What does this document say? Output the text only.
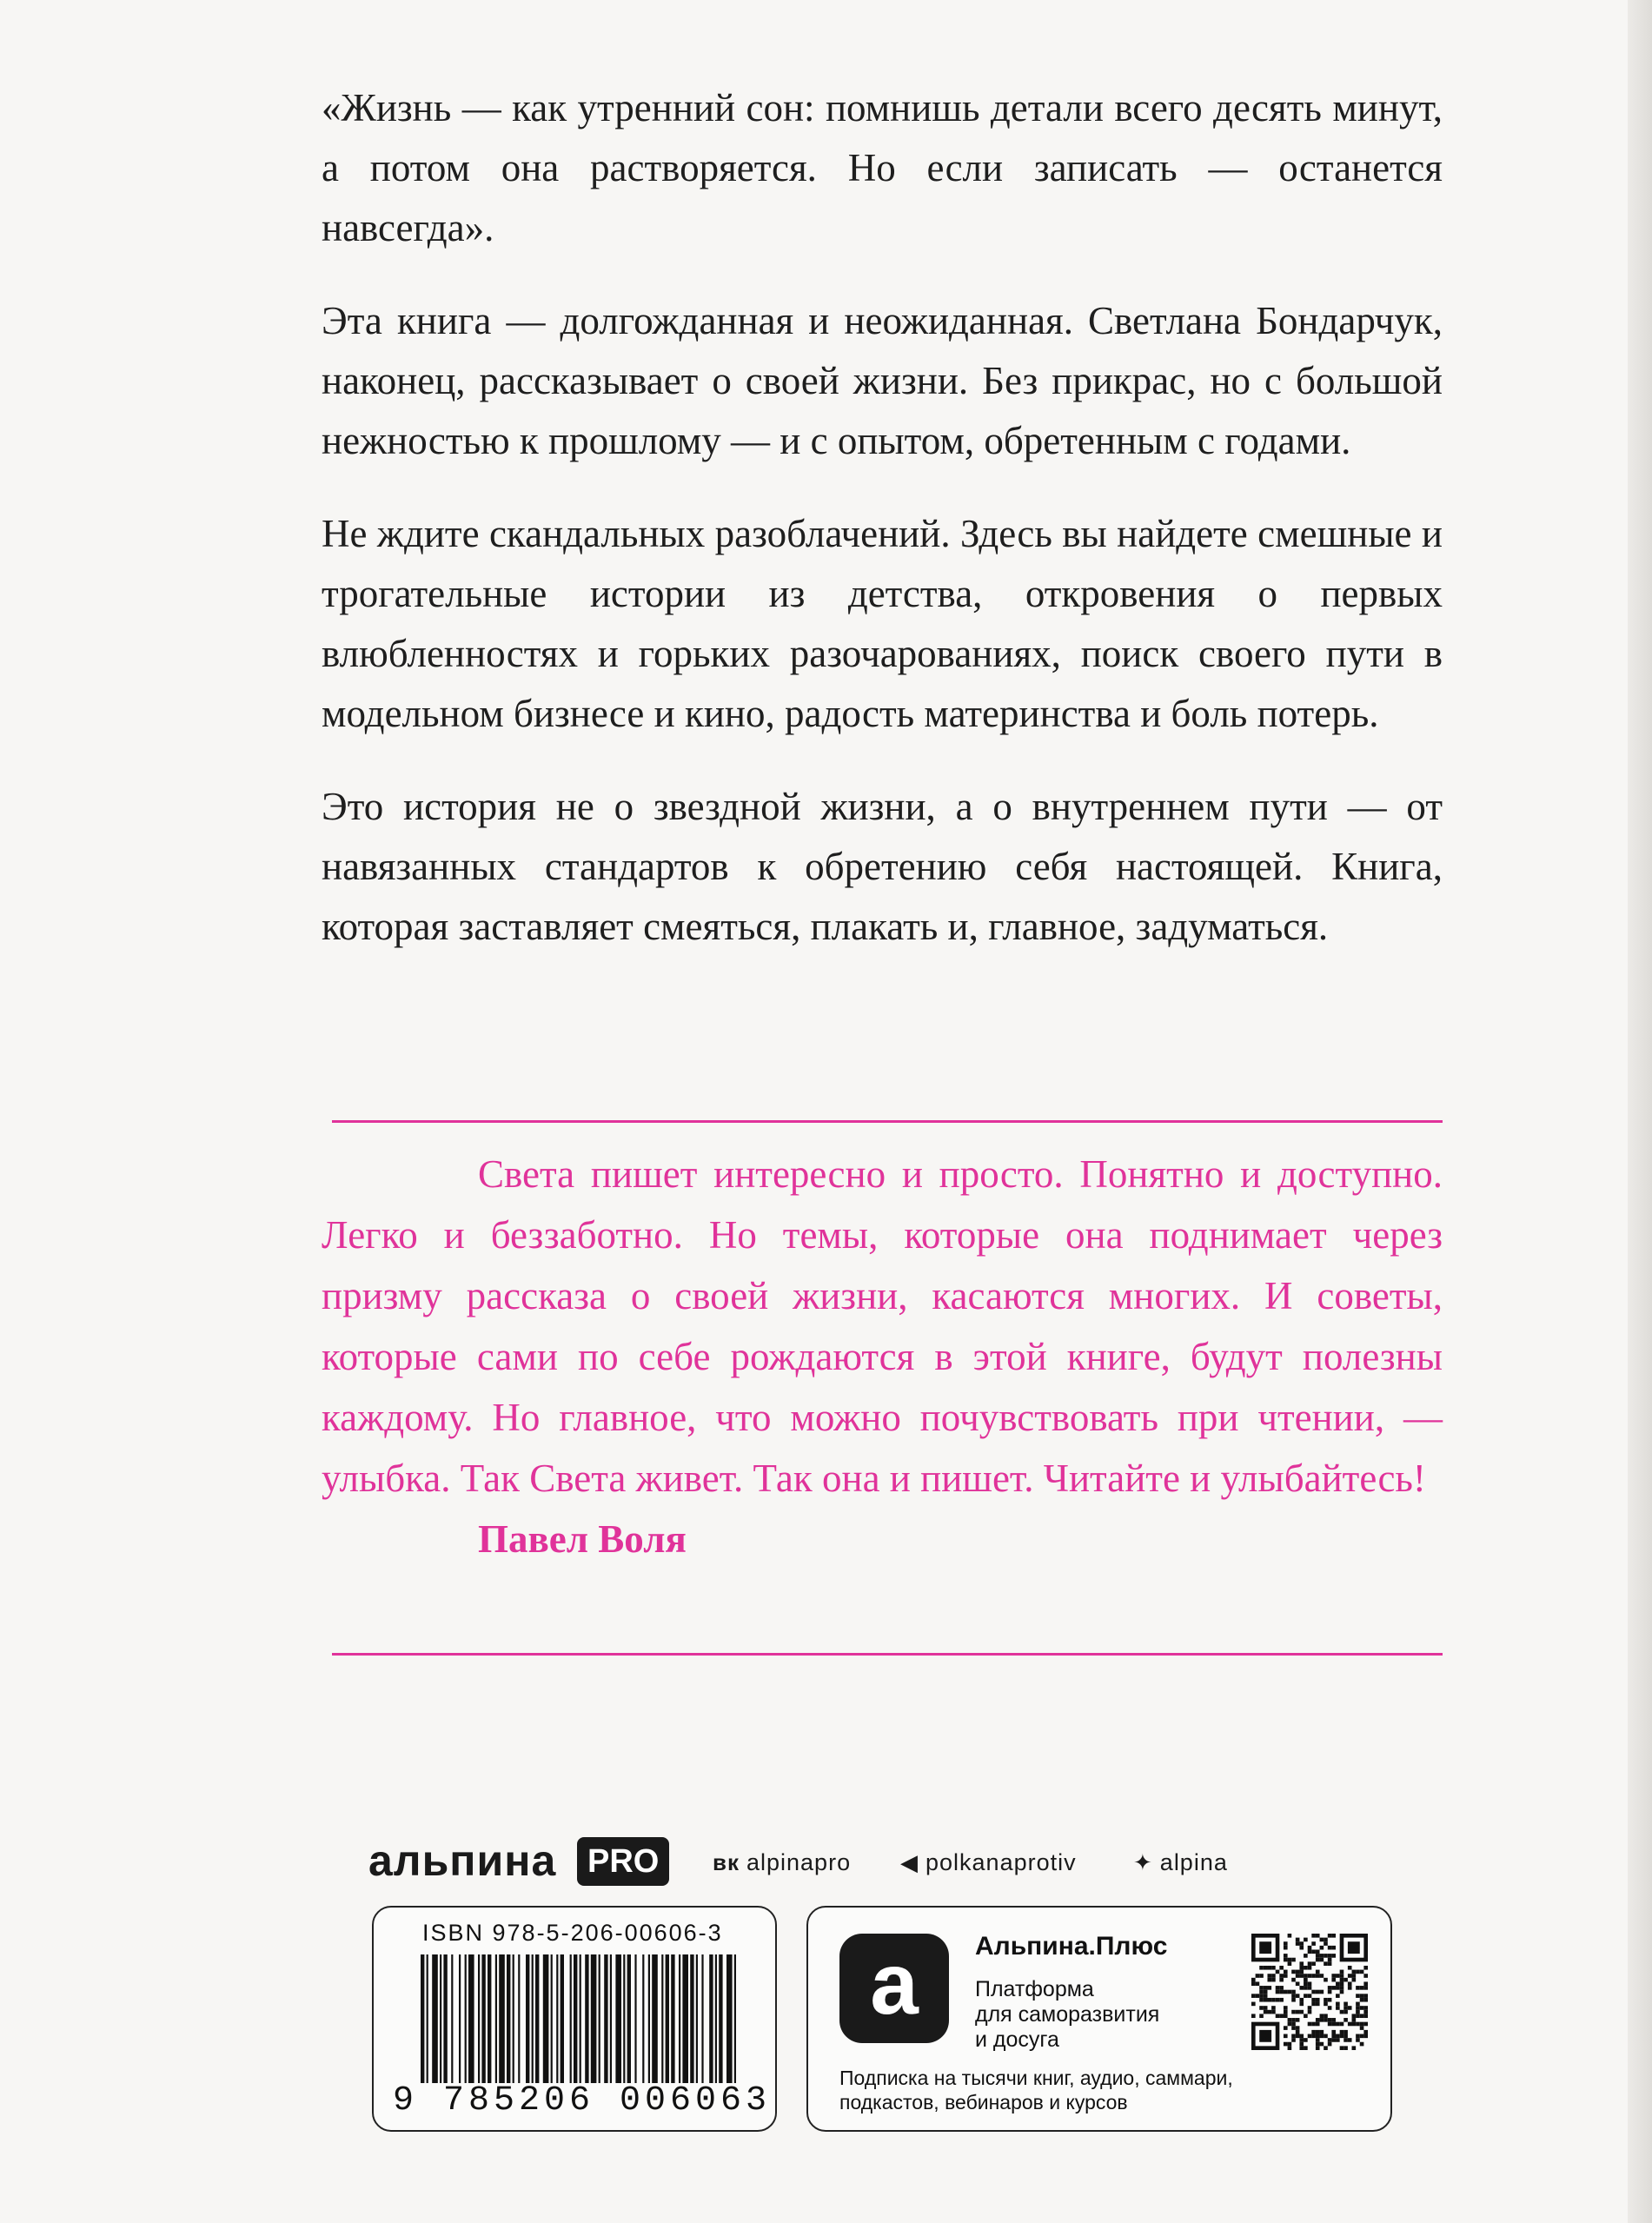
«Жизнь — как утренний сон: помнишь детали всего десять минут, а потом она растворяется. Но если записать — останется навсегда».

Эта книга — долгожданная и неожиданная. Светлана Бондарчук, наконец, рассказывает о своей жизни. Без прикрас, но с большой нежностью к прошлому — и с опытом, обретенным с годами.

Не ждите скандальных разоблачений. Здесь вы найдете смешные и трогательные истории из детства, откровения о первых влюбленностях и горьких разочарованиях, поиск своего пути в модельном бизнесе и кино, радость материнства и боль потерь.

Это история не о звездной жизни, а о внутреннем пути — от навязанных стандартов к обретению себя настоящей. Книга, которая заставляет смеяться, плакать и, главное, задуматься.

Света пишет интересно и просто. Понятно и доступно. Легко и беззаботно. Но темы, которые она поднимает через призму рассказа о своей жизни, касаются многих. И советы, которые сами по себе рождаются в этой книге, будут полезны каждому. Но главное, что можно почувствовать при чтении, — улыбка. Так Света живет. Так она и пишет. Читайте и улыбайтесь!

Павел Воля
альпина PRO	вк alpinapro ◀ polkanaprotiv	✦ alpina
ISBN 978-5-206-00606-3
9 785206 006063
a	Альпина.Плюс
Платформа
для саморазвития
и досуга
Подписка на тысячи книг, аудио, саммари,
подкастов, вебинаров и курсов
